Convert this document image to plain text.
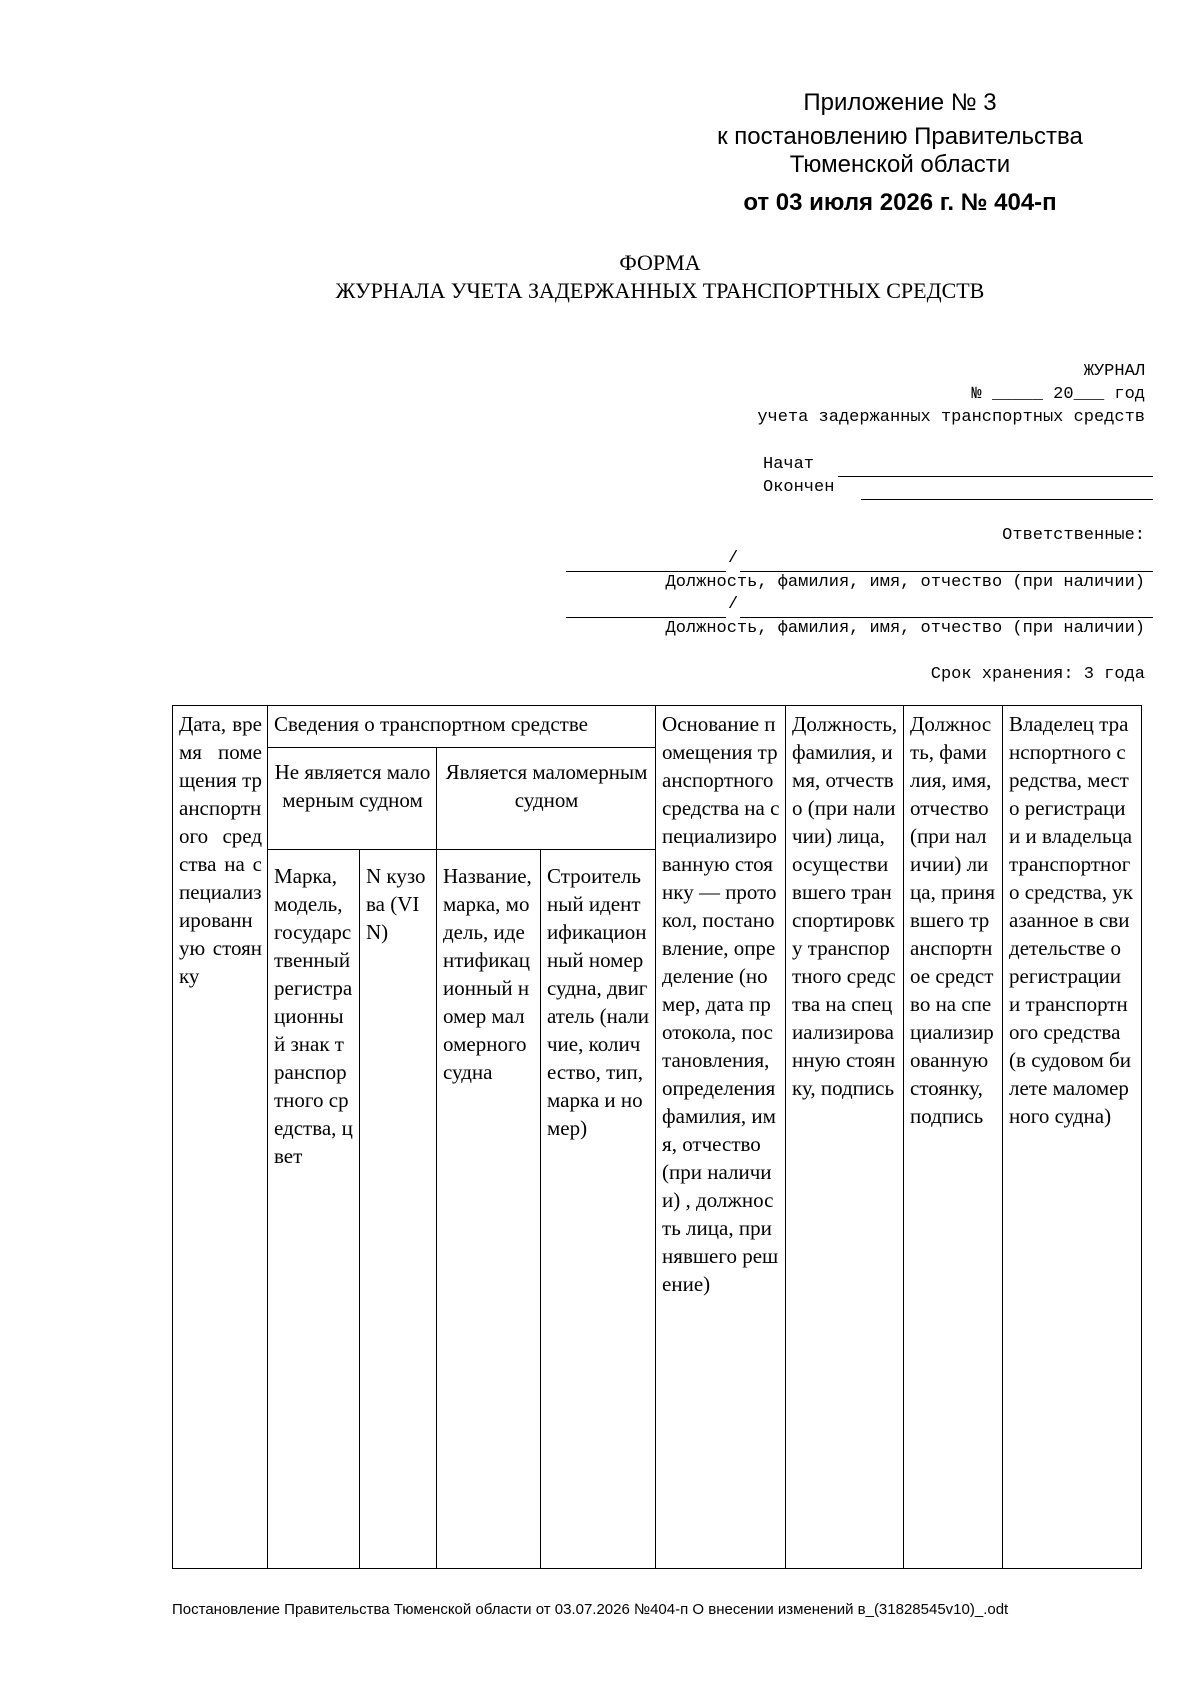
Приложение № 3
к постановлению Правительства
Тюменской области
от 03 июля 2026 г. № 404-п
ФОРМА
ЖУРНАЛА УЧЕТА ЗАДЕРЖАННЫХ ТРАНСПОРТНЫХ СРЕДСТВ
ЖУРНАЛ
№ _____ 20___ год
учета задержанных транспортных средств
Начат
Окончен
Ответственные:
/
Должность, фамилия, имя, отчество (при наличии)
/
Должность, фамилия, имя, отчество (при наличии)
Срок хранения: 3 года
Дата, время помещения транспортного средства на специализированную стоянку	Сведения о транспортном средстве				Основание помещения транспортного средства на специализированную стоянку — протокол, постановление, определение (номер, дата протокола, постановления, определения фамилия, имя, отчество (при наличии) , должность лица, принявшего решение)	Должность, фамилия, имя, отчество (при наличии) лица, осуществившего транспортировку транспортного средства на специализированную стоянку, подпись	Должность, фамилия, имя, отчество (при наличии) лица, принявшего транспортное средство на специализированную стоянку, подпись	Владелец транспортного средства, место регистрации и владельца транспортного средства, указанное в свидетельстве о регистрации и транспортного средства (в судовом билете маломерного судна)
	Не является маломерным судном		Является маломерным судном					
	Марка, модель, государственный регистрационный знак транспортного средства, цвет	N кузова (VIN)	Название, марка, модель, идентификационный номер маломерного судна	Строительный идентификационный номер судна, двигатель (наличие, количество, тип, марка и номер)				
Постановление Правительства Тюменской области от 03.07.2026 №404-п О внесении изменений в_(31828545v10)_.odt
